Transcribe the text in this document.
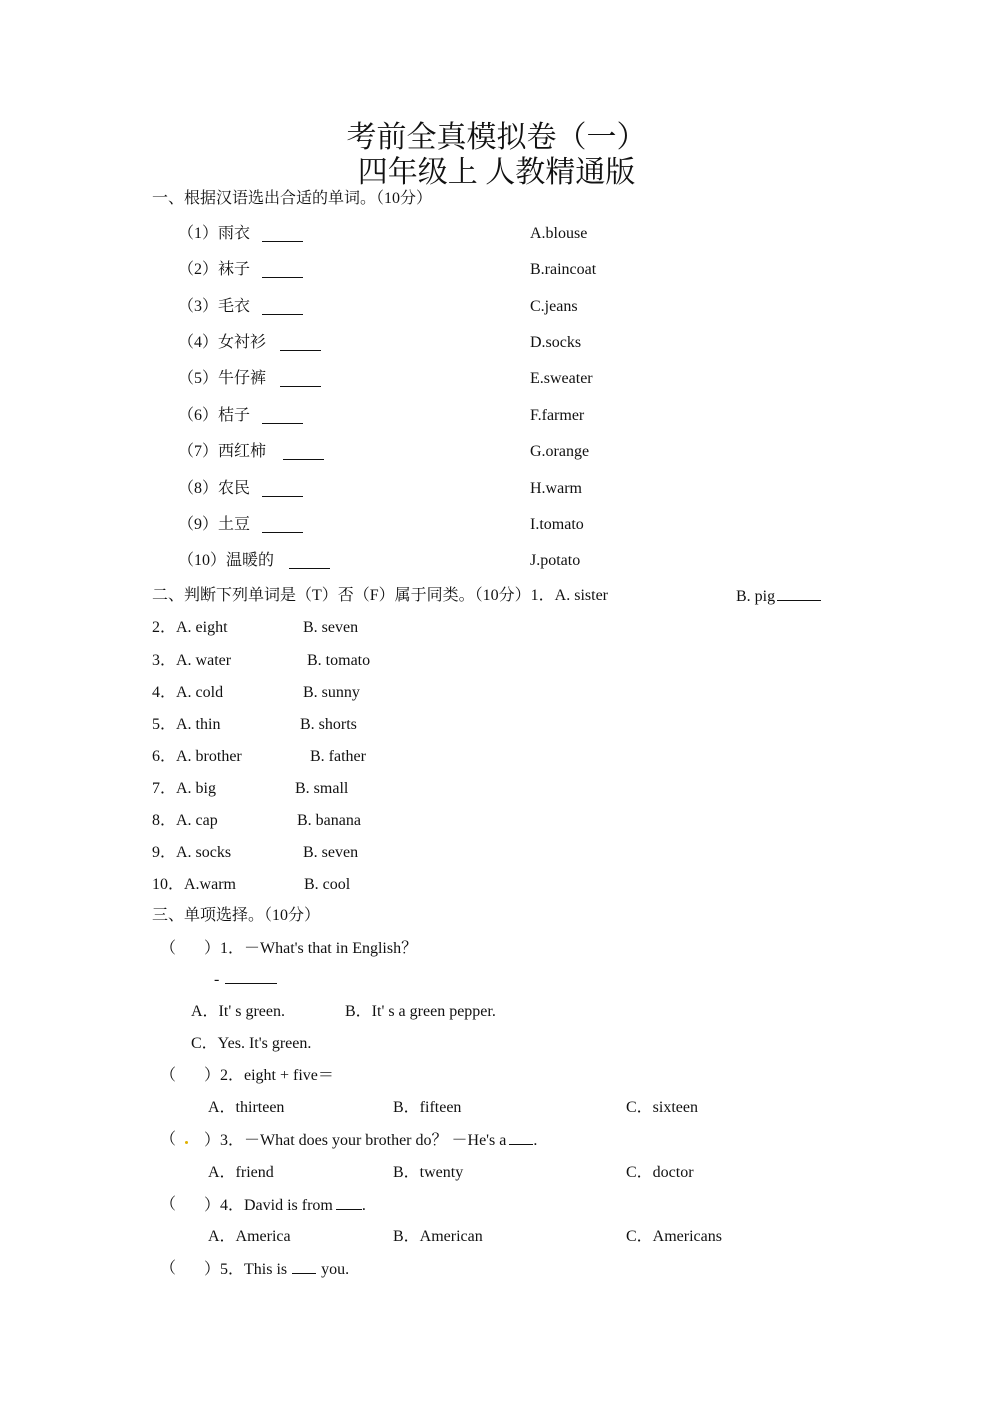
考前全真模拟卷（一）
四年级上 人教精通版
一、根据汉语选出合适的单词。（10分）
（1）雨衣	A.blouse
（2）袜子	B.raincoat
（3）毛衣	C.jeans
（4）女衬衫	D.socks
（5）牛仔裤	E.sweater
（6）桔子	F.farmer
（7）西红柿	G.orange
（8）农民	H.warm
（9）土豆	I.tomato
（10）温暖的	J.potato
二、判断下列单词是（T）否（F）属于同类。（10分）1．A. sister	B. pig
2．A. eight	B. seven
3．A. water	B. tomato
4．A. cold	B. sunny
5．A. thin	B. shorts
6．A. brother	B. father
7．A. big	B. small
8．A. cap	B. banana
9．A. socks	B. seven
10．A.warm	B. cool
三、单项选择。（10分）
（ ）1．－What's that in English？
-
A．It' s green.	B．It' s a green pepper.
C．Yes. It's green.
（ ）2．eight + five＝
A．thirteen	B．fifteen	C．sixteen
（ ）3．－What does your brother do？ －He's a .
A．friend	B．twenty	C．doctor
（ ）4．David is from .
A．America	B．American	C．Americans
（ ）5．This is you.
